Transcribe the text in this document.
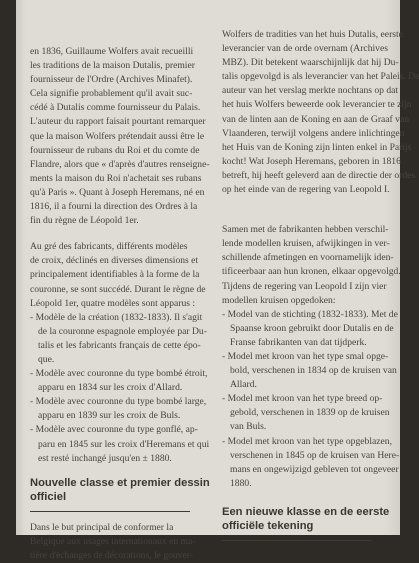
en 1836, Guillaume Wolfers avait recueilli
les traditions de la maison Dutalis, premier
fournisseur de l'Ordre (Archives Minafet).
Cela signifie probablement qu'il avait suc-
cédé à Dutalis comme fournisseur du Palais.
L'auteur du rapport faisait pourtant remarquer
que la maison Wolfers prétendait aussi être le
fournisseur de rubans du Roi et du comte de
Flandre, alors que « d'après d'autres renseigne-
ments la maison du Roi n'achetait ses rubans
qu'à Paris ». Quant à Joseph Heremans, né en
1816, il a fourni la direction des Ordres à la
fin du règne de Léopold 1er.

Au gré des fabricants, différents modèles
de croix, déclinés en diverses dimensions et
principalement identifiables à la forme de la
couronne, se sont succédé. Durant le règne de
Léopold 1er, quatre modèles sont apparus :

- Modèle de la création (1832-1833). Il s'agit
de la couronne espagnole employée par Du-
talis et les fabricants français de cette épo-
que.
- Modèle avec couronne du type bombé étroit,
apparu en 1834 sur les croix d'Allard.
- Modèle avec couronne du type bombé large,
apparu en 1839 sur les croix de Buls.
- Modèle avec couronne du type gonflé, ap-
paru en 1845 sur les croix d'Heremans et qui
est resté inchangé jusqu'en ± 1880.
Nouvelle classe et premier dessin
officiel

Dans le but principal de conformer la
Belgique aux usages internationaux en ma-
tière d'échanges de décorations, le gouver-

Wolfers de tradities van het huis Dutalis, eerste
leverancier van de orde overnam (Archives
MBZ). Dit betekent waarschijnlijk dat hij Du-
talis opgevolgd is als leverancier van het Paleis. De
auteur van het verslag merkte nochtans op dat
het huis Wolfers beweerde ook leverancier te zijn
van de linten aan de Koning en aan de Graaf van
Vlaanderen, terwijl volgens andere inlichtingen
het Huis van de Koning zijn linten enkel in Parijs
kocht! Wat Joseph Heremans, geboren in 1816
betreft, hij heeft geleverd aan de directie der ordes
op het einde van de regering van Leopold I.

Samen met de fabrikanten hebben verschil-
lende modellen kruisen, afwijkingen in ver-
schillende afmetingen en voornamelijk iden-
tificeerbaar aan hun kronen, elkaar opgevolgd.
Tijdens de regering van Leopold I zijn vier
modellen kruisen opgedoken:

- Model van de stichting (1832-1833). Met de
Spaanse kroon gebruikt door Dutalis en de
Franse fabrikanten van dat tijdperk.
- Model met kroon van het type smal opge-
bold, verschenen in 1834 op de kruisen van
Allard.
- Model met kroon van het type breed op-
gebold, verschenen in 1839 op de kruisen
van Buls.
- Model met kroon van het type opgeblazen,
verschenen in 1845 op de kruisen van Here-
mans en ongewijzigd gebleven tot ongeveer
1880.
Een nieuwe klasse en de eerste
officiële tekening
